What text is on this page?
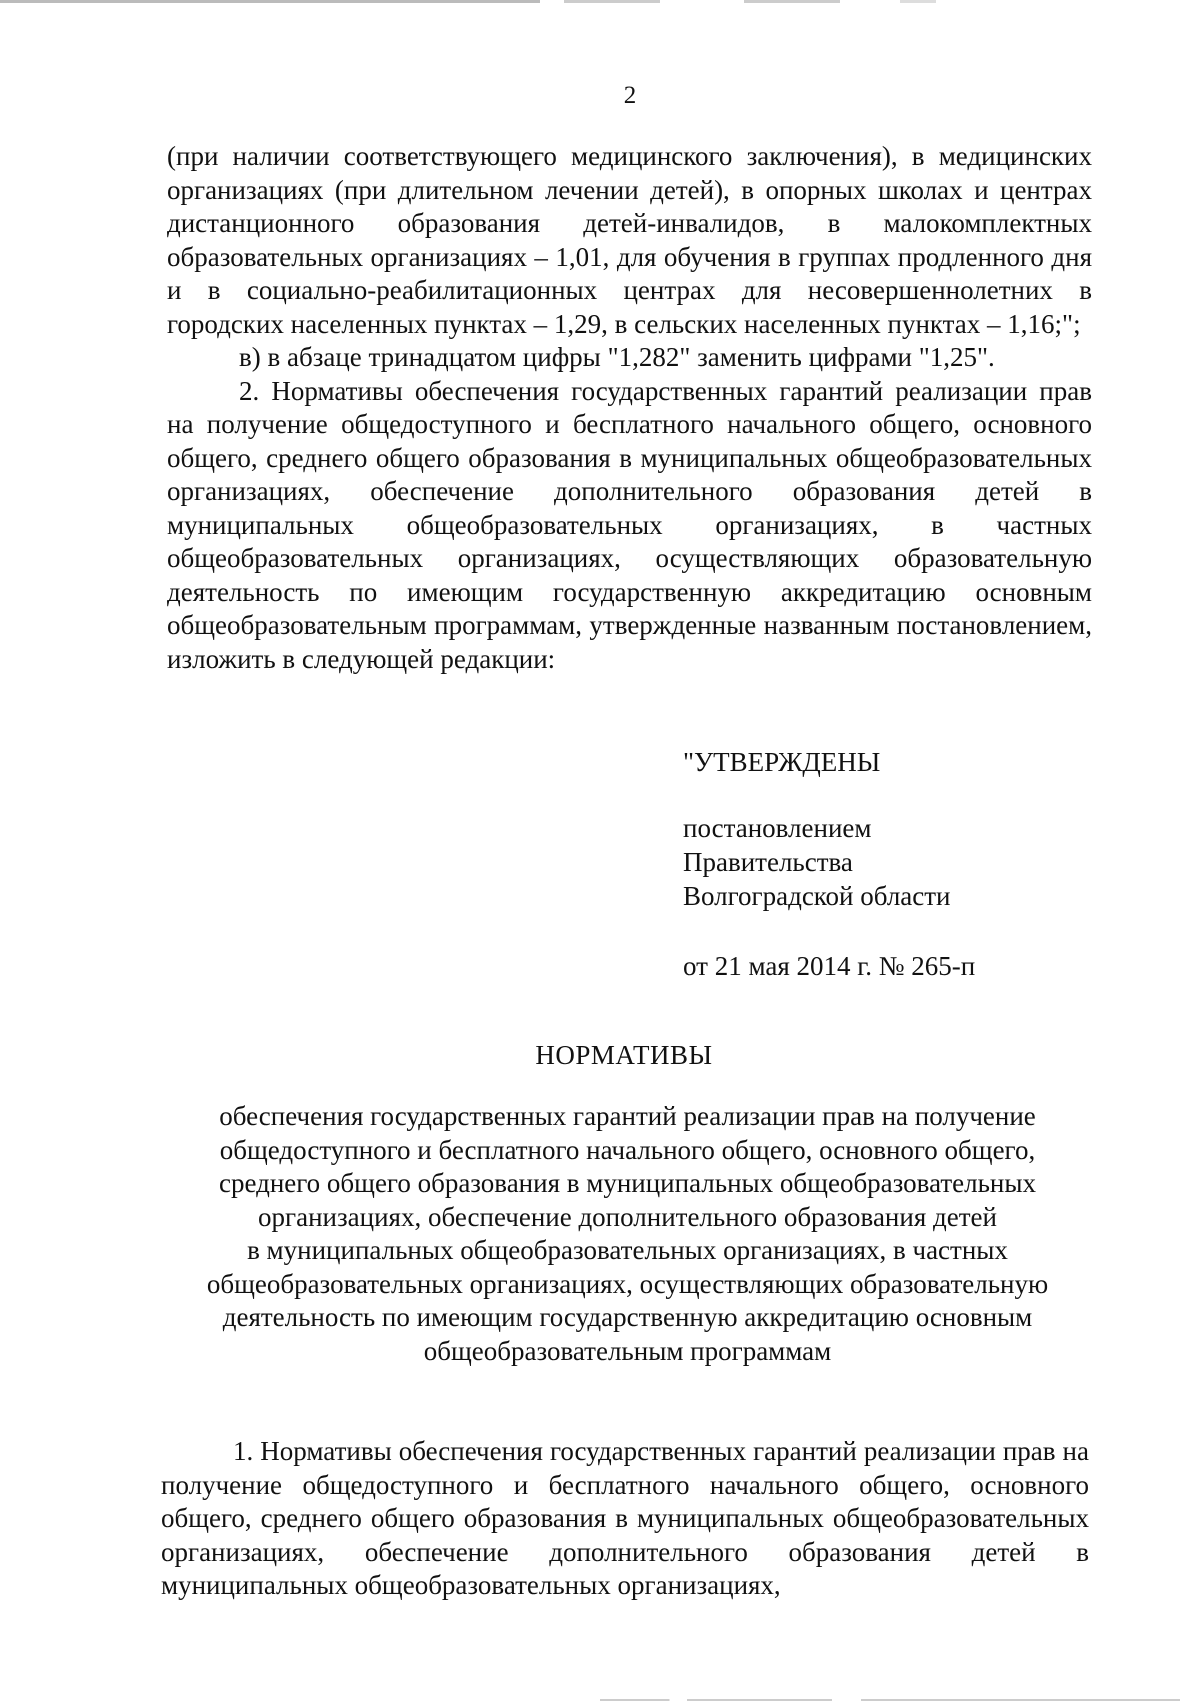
2

(при наличии соответствующего медицинского заключения), в медицинских организациях (при длительном лечении детей), в опорных школах и центрах дистанционного образования детей-инвалидов, в малокомплектных образовательных организациях – 1,01, для обучения в группах продленного дня и в социально-реабилитационных центрах для несовершеннолетних в городских населенных пунктах – 1,29, в сельских населенных пунктах – 1,16;";

в) в абзаце тринадцатом цифры "1,282" заменить цифрами "1,25".

2. Нормативы обеспечения государственных гарантий реализации прав на получение общедоступного и бесплатного начального общего, основного общего, среднего общего образования в муниципальных общеобразовательных организациях, обеспечение дополнительного образования детей в муниципальных общеобразовательных организациях, в частных общеобразовательных организациях, осуществляющих образовательную деятельность по имеющим государственную аккредитацию основным общеобразовательным программам, утвержденные названным постановлением, изложить в следующей редакции:

"УТВЕРЖДЕНЫ

постановлением
Правительства
Волгоградской области

от 21 мая 2014 г. № 265-п

НОРМАТИВЫ
обеспечения государственных гарантий реализации прав на получение
общедоступного и бесплатного начального общего, основного общего,
среднего общего образования в муниципальных общеобразовательных
организациях, обеспечение дополнительного образования детей
в муниципальных общеобразовательных организациях, в частных
общеобразовательных организациях, осуществляющих образовательную
деятельность по имеющим государственную аккредитацию основным
общеобразовательным программам

1. Нормативы обеспечения государственных гарантий реализации прав на получение общедоступного и бесплатного начального общего, основного общего, среднего общего образования в муниципальных общеобразовательных организациях, обеспечение дополнительного образования детей в муниципальных общеобразовательных организациях,
